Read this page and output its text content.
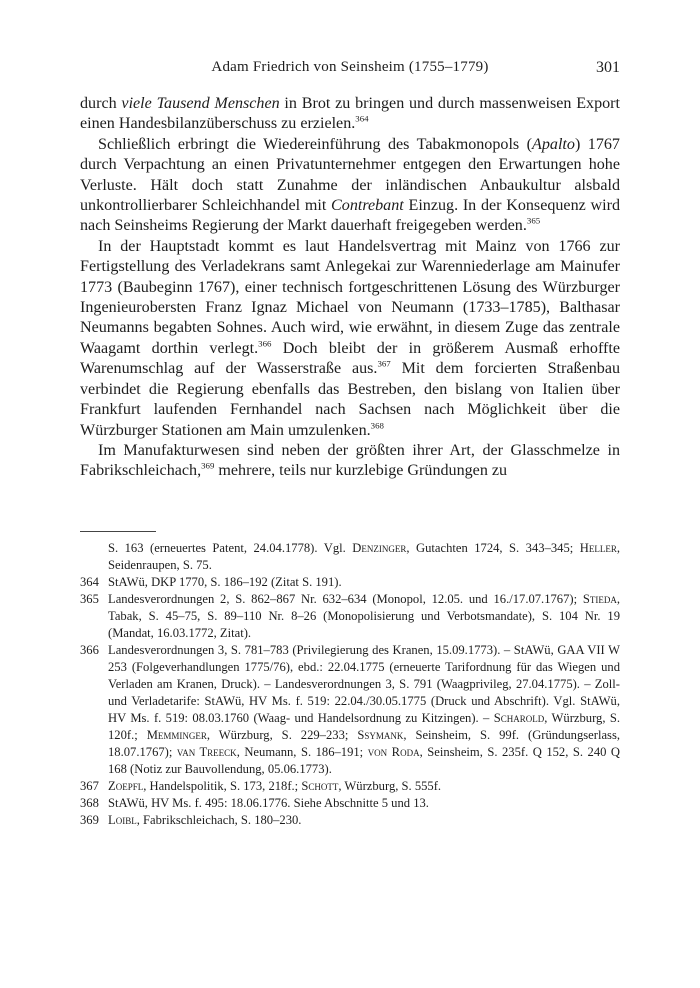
Adam Friedrich von Seinsheim (1755–1779)	301

durch viele Tausend Menschen in Brot zu bringen und durch massenweisen Export einen Handesbilanzüberschuss zu erzielen.$^{364}$

Schließlich erbringt die Wiedereinführung des Tabakmonopols (Apalto) 1767 durch Verpachtung an einen Privatunternehmer entgegen den Erwartungen hohe Verluste. Hält doch statt Zunahme der inländischen Anbaukultur alsbald unkontrollierbarer Schleichhandel mit Contrebant Einzug. In der Konsequenz wird nach Seinsheims Regierung der Markt dauerhaft freigegeben werden.$^{365}$

In der Hauptstadt kommt es laut Handelsvertrag mit Mainz von 1766 zur Fertigstellung des Verladekrans samt Anlegekai zur Warenniederlage am Mainufer 1773 (Baubeginn 1767), einer technisch fortgeschrittenen Lösung des Würzburger Ingenieurobersten Franz Ignaz Michael von Neumann (1733–1785), Balthasar Neumanns begabten Sohnes. Auch wird, wie erwähnt, in diesem Zuge das zentrale Waagamt dorthin verlegt.$^{366}$ Doch bleibt der in größerem Ausmaß erhoffte Warenumschlag auf der Wasserstraße aus.$^{367}$ Mit dem forcierten Straßenbau verbindet die Regierung ebenfalls das Bestreben, den bislang von Italien über Frankfurt laufenden Fernhandel nach Sachsen nach Möglichkeit über die Würzburger Stationen am Main umzulenken.$^{368}$

Im Manufakturwesen sind neben der größten ihrer Art, der Glasschmelze in Fabrikschleichach,$^{369}$ mehrere, teils nur kurzlebige Gründungen zu

S. 163 (erneuertes Patent, 24.04.1778). Vgl. Denzinger, Gutachten 1724, S. 343–345; Heller, Seidenraupen, S. 75.
364 StAWü, DKP 1770, S. 186–192 (Zitat S. 191).
365 Landesverordnungen 2, S. 862–867 Nr. 632–634 (Monopol, 12.05. und 16./17.07.1767); Stieda, Tabak, S. 45–75, S. 89–110 Nr. 8–26 (Monopolisierung und Verbotsmandate), S. 104 Nr. 19 (Mandat, 16.03.1772, Zitat).
366 Landesverordnungen 3, S. 781–783 (Privilegierung des Kranen, 15.09.1773). – StAWü, GAA VII W 253 (Folgeverhandlungen 1775/76), ebd.: 22.04.1775 (erneuerte Tarifordnung für das Wiegen und Verladen am Kranen, Druck). – Landesverordnungen 3, S. 791 (Waagprivileg, 27.04.1775). – Zoll- und Verladetarife: StAWü, HV Ms. f. 519: 22.04./30.05.1775 (Druck und Abschrift). Vgl. StAWü, HV Ms. f. 519: 08.03.1760 (Waag- und Handelsordnung zu Kitzingen). – Scharold, Würzburg, S. 120f.; Memminger, Würzburg, S. 229–233; Ssymank, Seinsheim, S. 99f. (Gründungserlass, 18.07.1767); van Treeck, Neumann, S. 186–191; von Roda, Seinsheim, S. 235f. Q 152, S. 240 Q 168 (Notiz zur Bauvollendung, 05.06.1773).
367 Zoepfl, Handelspolitik, S. 173, 218f.; Schott, Würzburg, S. 555f.
368 StAWü, HV Ms. f. 495: 18.06.1776. Siehe Abschnitte 5 und 13.
369 Loibl, Fabrikschleichach, S. 180–230.
